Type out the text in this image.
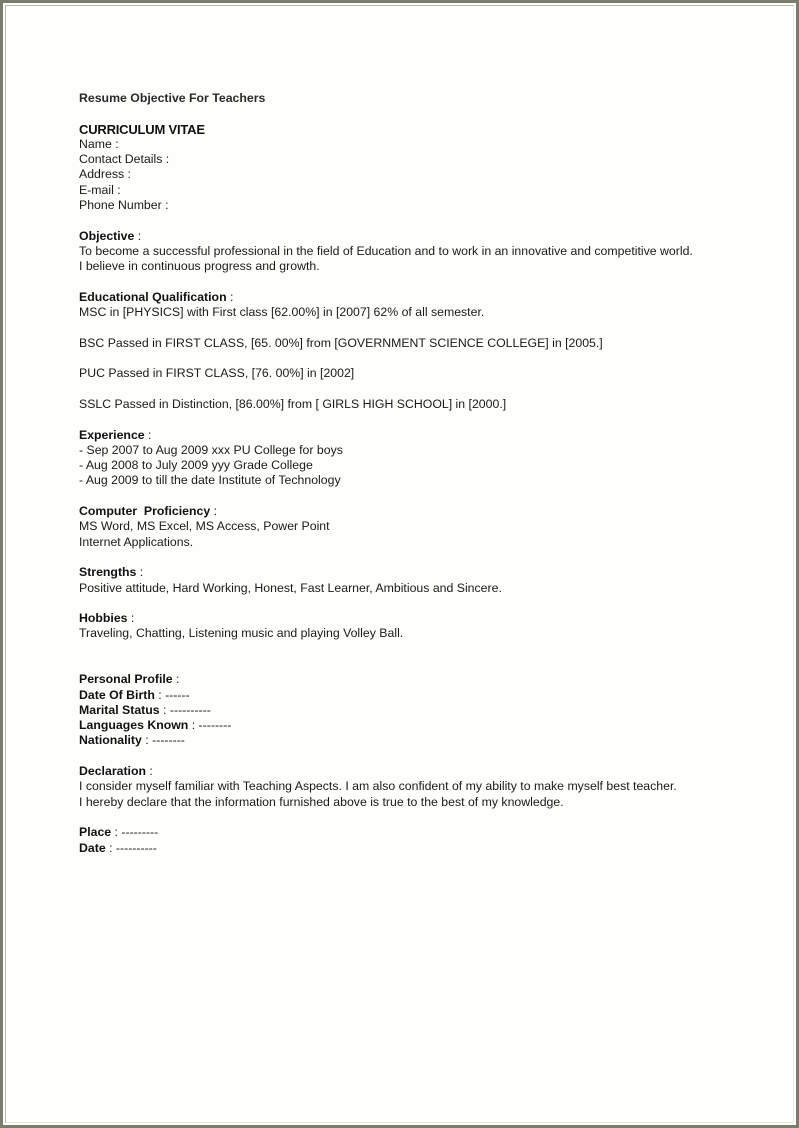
Resume Objective For Teachers
CURRICULUM VITAE
Name :
Contact Details :
Address :
E-mail :
Phone Number :
Objective :
To become a successful professional in the field of Education and to work in an innovative and competitive world. I believe in continuous progress and growth.
Educational Qualification :
MSC in [PHYSICS] with First class [62.00%] in [2007] 62% of all semester.
BSC Passed in FIRST CLASS, [65. 00%] from [GOVERNMENT SCIENCE COLLEGE] in [2005.]
PUC Passed in FIRST CLASS, [76. 00%] in [2002]
SSLC Passed in Distinction, [86.00%] from [ GIRLS HIGH SCHOOL] in [2000.]
Experience :
- Sep 2007 to Aug 2009 xxx PU College for boys
- Aug 2008 to July 2009 yyy Grade College
- Aug 2009 to till the date Institute of Technology
Computer  Proficiency :
MS Word, MS Excel, MS Access, Power Point
Internet Applications.
Strengths :
Positive attitude, Hard Working, Honest, Fast Learner, Ambitious and Sincere.
Hobbies :
Traveling, Chatting, Listening music and playing Volley Ball.
Personal Profile :
Date Of Birth : ------
Marital Status : ----------
Languages Known : --------
Nationality : --------
Declaration :
I consider myself familiar with Teaching Aspects. I am also confident of my ability to make myself best teacher.
I hereby declare that the information furnished above is true to the best of my knowledge.
Place : ---------
Date : ----------
